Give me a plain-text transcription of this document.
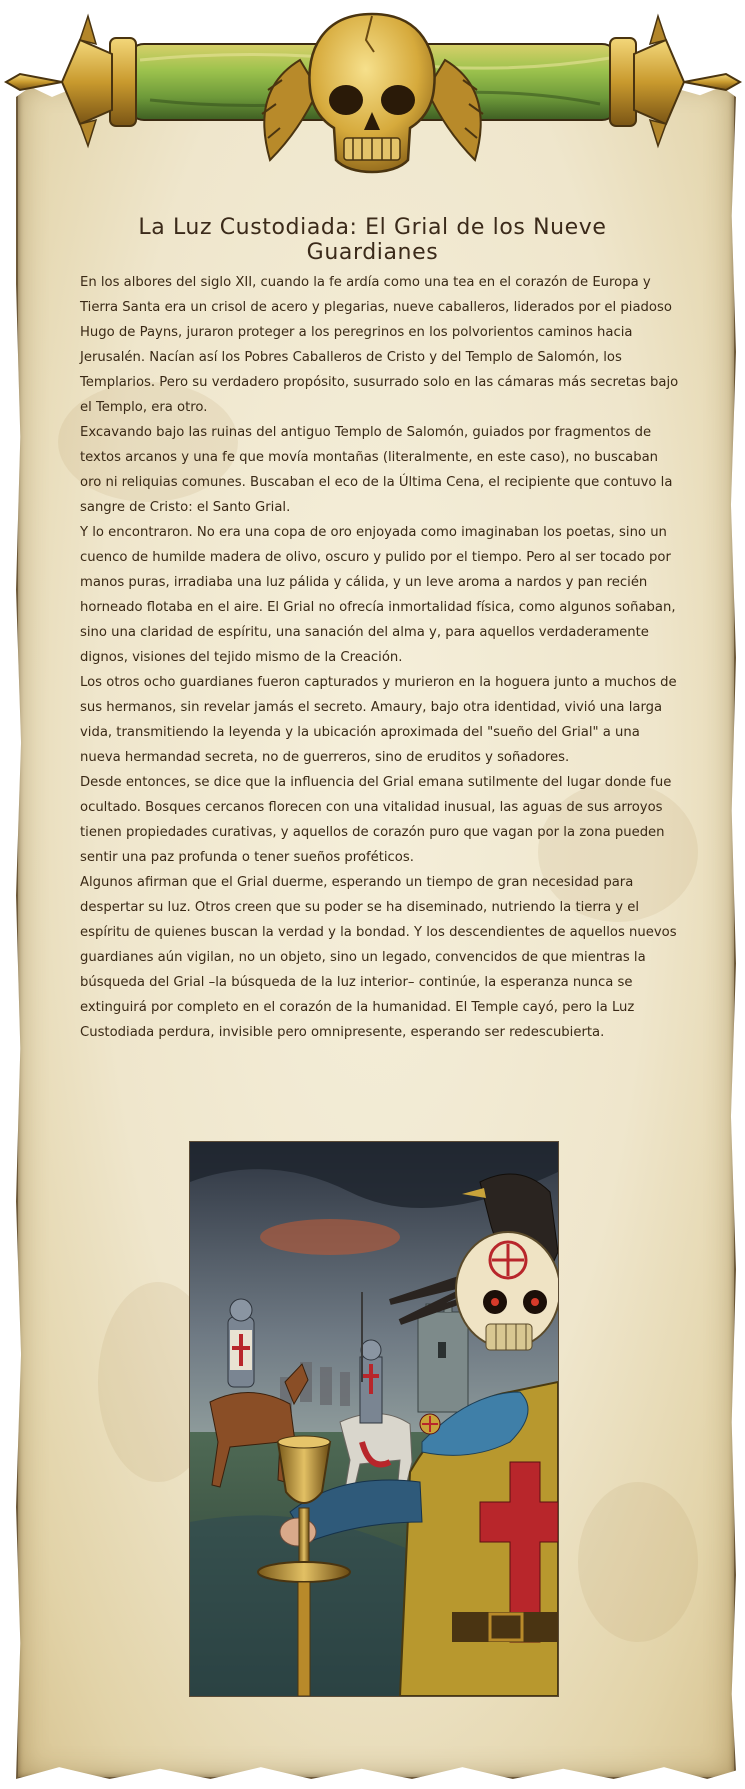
La Luz Custodiada: El Grial de los Nueve Guardianes

En los albores del siglo XII, cuando la fe ardía como una tea en el corazón de Europa y Tierra Santa era un crisol de acero y plegarias, nueve caballeros, liderados por el piadoso Hugo de Payns, juraron proteger a los peregrinos en los polvorientos caminos hacia Jerusalén. Nacían así los Pobres Caballeros de Cristo y del Templo de Salomón, los Templarios. Pero su verdadero propósito, susurrado solo en las cámaras más secretas bajo el Templo, era otro.

Excavando bajo las ruinas del antiguo Templo de Salomón, guiados por fragmentos de textos arcanos y una fe que movía montañas (literalmente, en este caso), no buscaban oro ni reliquias comunes. Buscaban el eco de la Última Cena, el recipiente que contuvo la sangre de Cristo: el Santo Grial.

Y lo encontraron. No era una copa de oro enjoyada como imaginaban los poetas, sino un cuenco de humilde madera de olivo, oscuro y pulido por el tiempo. Pero al ser tocado por manos puras, irradiaba una luz pálida y cálida, y un leve aroma a nardos y pan recién horneado flotaba en el aire. El Grial no ofrecía inmortalidad física, como algunos soñaban, sino una claridad de espíritu, una sanación del alma y, para aquellos verdaderamente dignos, visiones del tejido mismo de la Creación.

Los otros ocho guardianes fueron capturados y murieron en la hoguera junto a muchos de sus hermanos, sin revelar jamás el secreto. Amaury, bajo otra identidad, vivió una larga vida, transmitiendo la leyenda y la ubicación aproximada del "sueño del Grial" a una nueva hermandad secreta, no de guerreros, sino de eruditos y soñadores.

Desde entonces, se dice que la influencia del Grial emana sutilmente del lugar donde fue ocultado. Bosques cercanos florecen con una vitalidad inusual, las aguas de sus arroyos tienen propiedades curativas, y aquellos de corazón puro que vagan por la zona pueden sentir una paz profunda o tener sueños proféticos.

Algunos afirman que el Grial duerme, esperando un tiempo de gran necesidad para despertar su luz. Otros creen que su poder se ha diseminado, nutriendo la tierra y el espíritu de quienes buscan la verdad y la bondad. Y los descendientes de aquellos nuevos guardianes aún vigilan, no un objeto, sino un legado, convencidos de que mientras la búsqueda del Grial –la búsqueda de la luz interior– continúe, la esperanza nunca se extinguirá por completo en el corazón de la humanidad. El Temple cayó, pero la Luz Custodiada perdura, invisible pero omnipresente, esperando ser redescubierta.
